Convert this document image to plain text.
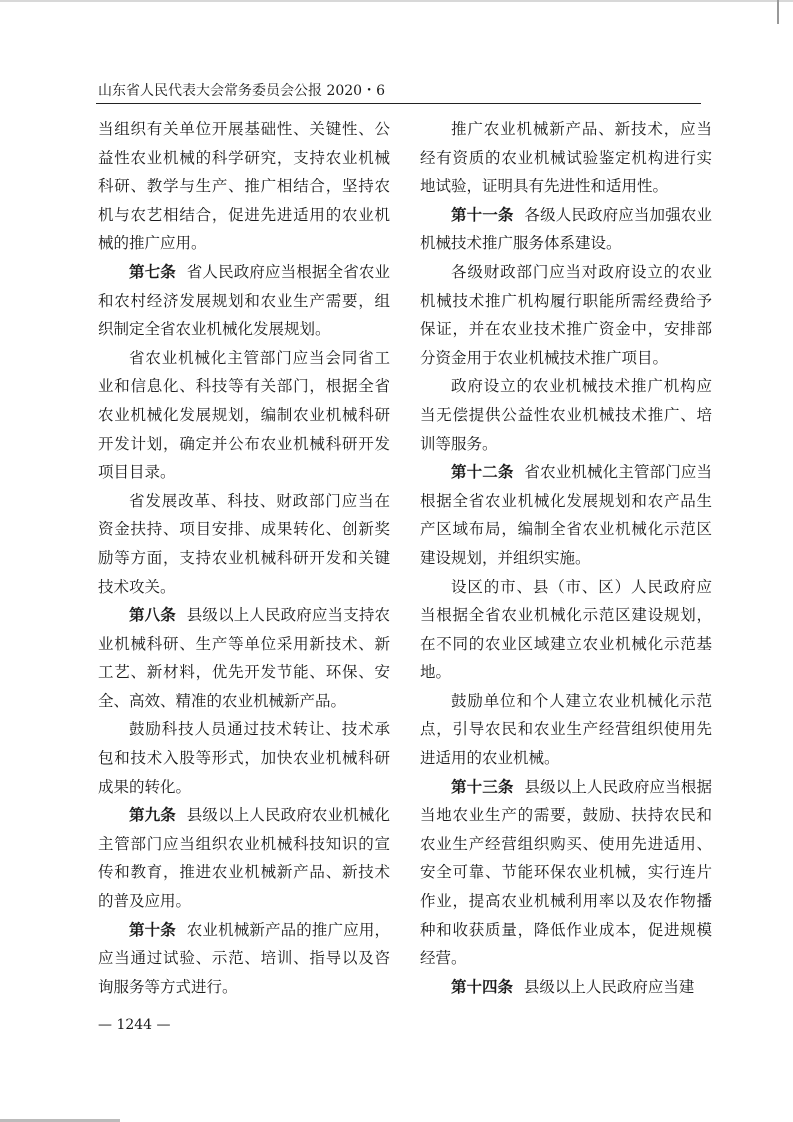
山东省人民代表大会常务委员会公报 2020・6

当组织有关单位开展基础性、关键性、公益性农业机械的科学研究，支持农业机械科研、教学与生产、推广相结合，坚持农机与农艺相结合，促进先进适用的农业机械的推广应用。

第七条 省人民政府应当根据全省农业和农村经济发展规划和农业生产需要，组织制定全省农业机械化发展规划。

省农业机械化主管部门应当会同省工业和信息化、科技等有关部门，根据全省农业机械化发展规划，编制农业机械科研开发计划，确定并公布农业机械科研开发项目目录。

省发展改革、科技、财政部门应当在资金扶持、项目安排、成果转化、创新奖励等方面，支持农业机械科研开发和关键技术攻关。

第八条 县级以上人民政府应当支持农业机械科研、生产等单位采用新技术、新工艺、新材料，优先开发节能、环保、安全、高效、精准的农业机械新产品。

鼓励科技人员通过技术转让、技术承包和技术入股等形式，加快农业机械科研成果的转化。

第九条 县级以上人民政府农业机械化主管部门应当组织农业机械科技知识的宣传和教育，推进农业机械新产品、新技术的普及应用。

第十条 农业机械新产品的推广应用，应当通过试验、示范、培训、指导以及咨询服务等方式进行。

推广农业机械新产品、新技术，应当经有资质的农业机械试验鉴定机构进行实地试验，证明具有先进性和适用性。

第十一条 各级人民政府应当加强农业机械技术推广服务体系建设。

各级财政部门应当对政府设立的农业机械技术推广机构履行职能所需经费给予保证，并在农业技术推广资金中，安排部分资金用于农业机械技术推广项目。

政府设立的农业机械技术推广机构应当无偿提供公益性农业机械技术推广、培训等服务。

第十二条 省农业机械化主管部门应当根据全省农业机械化发展规划和农产品生产区域布局，编制全省农业机械化示范区建设规划，并组织实施。

设区的市、县（市、区）人民政府应当根据全省农业机械化示范区建设规划，在不同的农业区域建立农业机械化示范基地。

鼓励单位和个人建立农业机械化示范点，引导农民和农业生产经营组织使用先进适用的农业机械。

第十三条 县级以上人民政府应当根据当地农业生产的需要，鼓励、扶持农民和农业生产经营组织购买、使用先进适用、安全可靠、节能环保农业机械，实行连片作业，提高农业机械利用率以及农作物播种和收获质量，降低作业成本，促进规模经营。

第十四条 县级以上人民政府应当建

— 1244 —
